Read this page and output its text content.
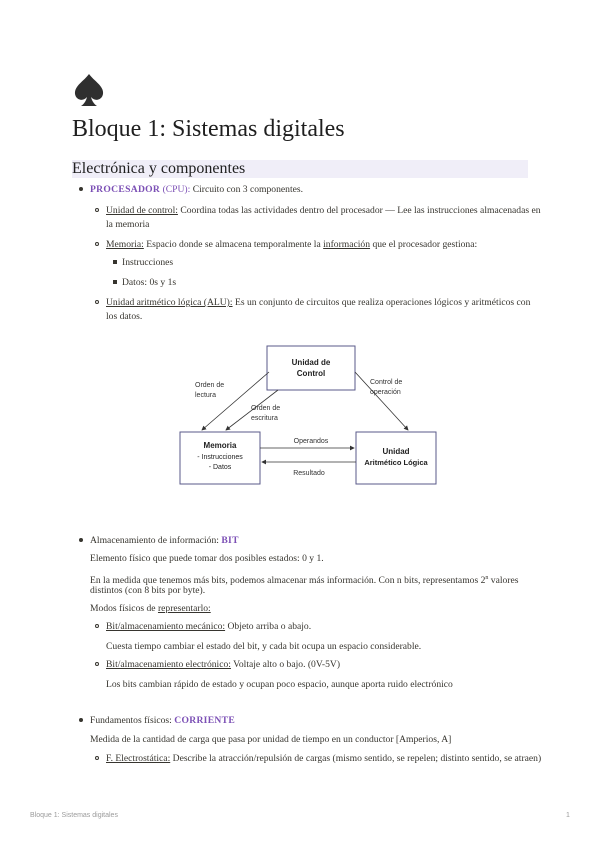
Bloque 1: Sistemas digitales
Electrónica y componentes
PROCESADOR (CPU): Circuito con 3 componentes.
Unidad de control: Coordina todas las actividades dentro del procesador — Lee las instrucciones almacenadas en
la memoria
Memoria: Espacio donde se almacena temporalmente la información que el procesador gestiona:
Instrucciones
Datos: 0s y 1s
Unidad aritmético lógica (ALU): Es un conjunto de circuitos que realiza operaciones lógicos y aritméticos con
los datos.
Unidad de
Control
Memoria
- Instrucciones
- Datos
Unidad
Aritmético Lógica
Orden de
lectura
Orden de
escritura
Control de
operación
Operandos
Resultado
Almacenamiento de información: BIT
Elemento físico que puede tomar dos posibles estados: 0 y 1.
En la medida que tenemos más bits, podemos almacenar más información. Con n bits, representamos 2$^n$ valores
distintos (con 8 bits por byte).
Modos físicos de representarlo:
Bit/almacenamiento mecánico: Objeto arriba o abajo.
Cuesta tiempo cambiar el estado del bit, y cada bit ocupa un espacio considerable.
Bit/almacenamiento electrónico: Voltaje alto o bajo. (0V-5V)
Los bits cambian rápido de estado y ocupan poco espacio, aunque aporta ruido electrónico
Fundamentos físicos: CORRIENTE
Medida de la cantidad de carga que pasa por unidad de tiempo en un conductor [Amperios, A]
F. Electrostática: Describe la atracción/repulsión de cargas (mismo sentido, se repelen; distinto sentido, se atraen)
Bloque 1: Sistemas digitales	1
